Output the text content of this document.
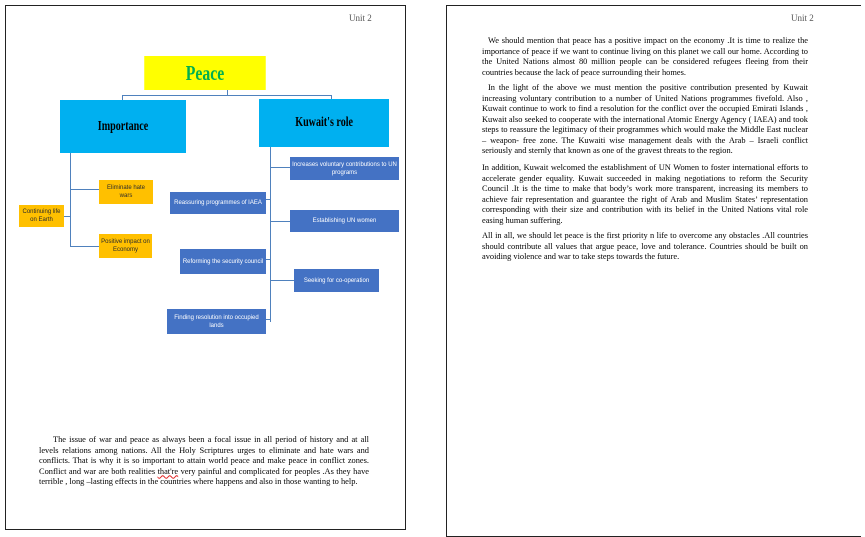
Unit 2
Peace
Importance	Kuwait's role
Continuing life on Earth
Eliminate hate wars
Positive impact on Economy
Reassuring programmes of IAEA
Reforming the security council
Finding resolution into occupied lands
Increases voluntary contributions to UN programs
Establishing UN women
Seeking for co-operation

The issue of war and peace as always been a focal issue in all period of history and at all levels relations among nations. All the Holy Scriptures urges to eliminate and hate wars and conflicts. That is why it is so important to attain world peace and make peace in conflict zones. Conflict and war are both realities that're very painful and complicated for peoples .As they have terrible , long –lasting effects in the countries where happens and also in those wanting to help.

Unit 2

We should mention that peace has a positive impact on the economy .It is time to realize the importance of peace if we want to continue living on this planet we call our home. According to the United Nations almost 80 million people can be considered refugees fleeing from their countries because the lack of peace surrounding their homes.

In the light of the above we must mention the positive contribution presented by Kuwait increasing voluntary contribution to a number of United Nations programmes fivefold. Also , Kuwait continue to work to find a resolution for the conflict over the occupied Emirati Islands , Kuwait also seeked to cooperate with the international Atomic Energy Agency ( IAEA) and took steps to reassure the legitimacy of their programmes which would make the Middle East nuclear – weapon- free zone. The Kuwaiti wise management deals with the Arab – Israeli conflict seriously and sternly that known as one of the gravest threats to the region.

In addition, Kuwait welcomed the establishment of UN Women to foster international efforts to accelerate gender equality. Kuwait succeeded in making negotiations to reform the Security Council .It is the time to make that body’s work more transparent, increasing its members to achieve fair representation and guarantee the right of Arab and Muslim States’ representation corresponding with their size and contribution with its belief in the United Nations vital role easing human suffering.

All in all, we should let peace is the first priority n life to overcome any obstacles .All countries should contribute all values that argue peace, love and tolerance. Countries should be built on avoiding violence and war to take steps towards the future.
